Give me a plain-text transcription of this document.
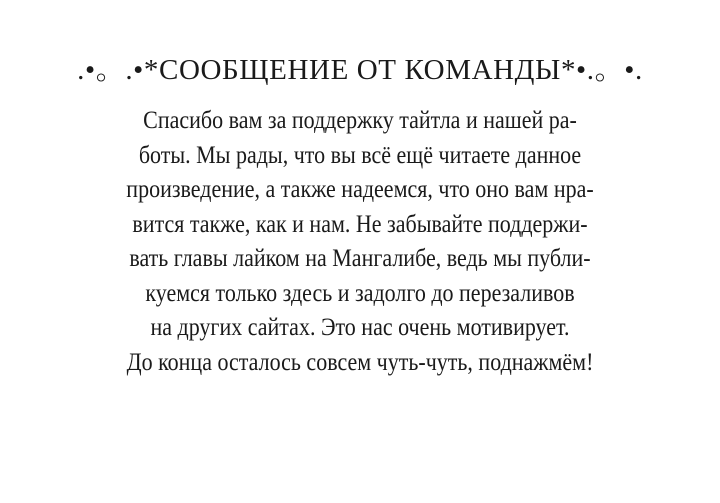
.•。.•*СООБЩЕНИЕ ОТ КОМАНДЫ*•.。•.
Спасибо вам за поддержку тайтла и нашей ра-
боты. Мы рады, что вы всё ещё читаете данное
произведение, а также надеемся, что оно вам нра-
вится также, как и нам. Не забывайте поддержи-
вать главы лайком на Мангалибе, ведь мы публи-
куемся только здесь и задолго до перезаливов
на других сайтах. Это нас очень мотивирует.
До конца осталось совсем чуть-чуть, поднажмём!
